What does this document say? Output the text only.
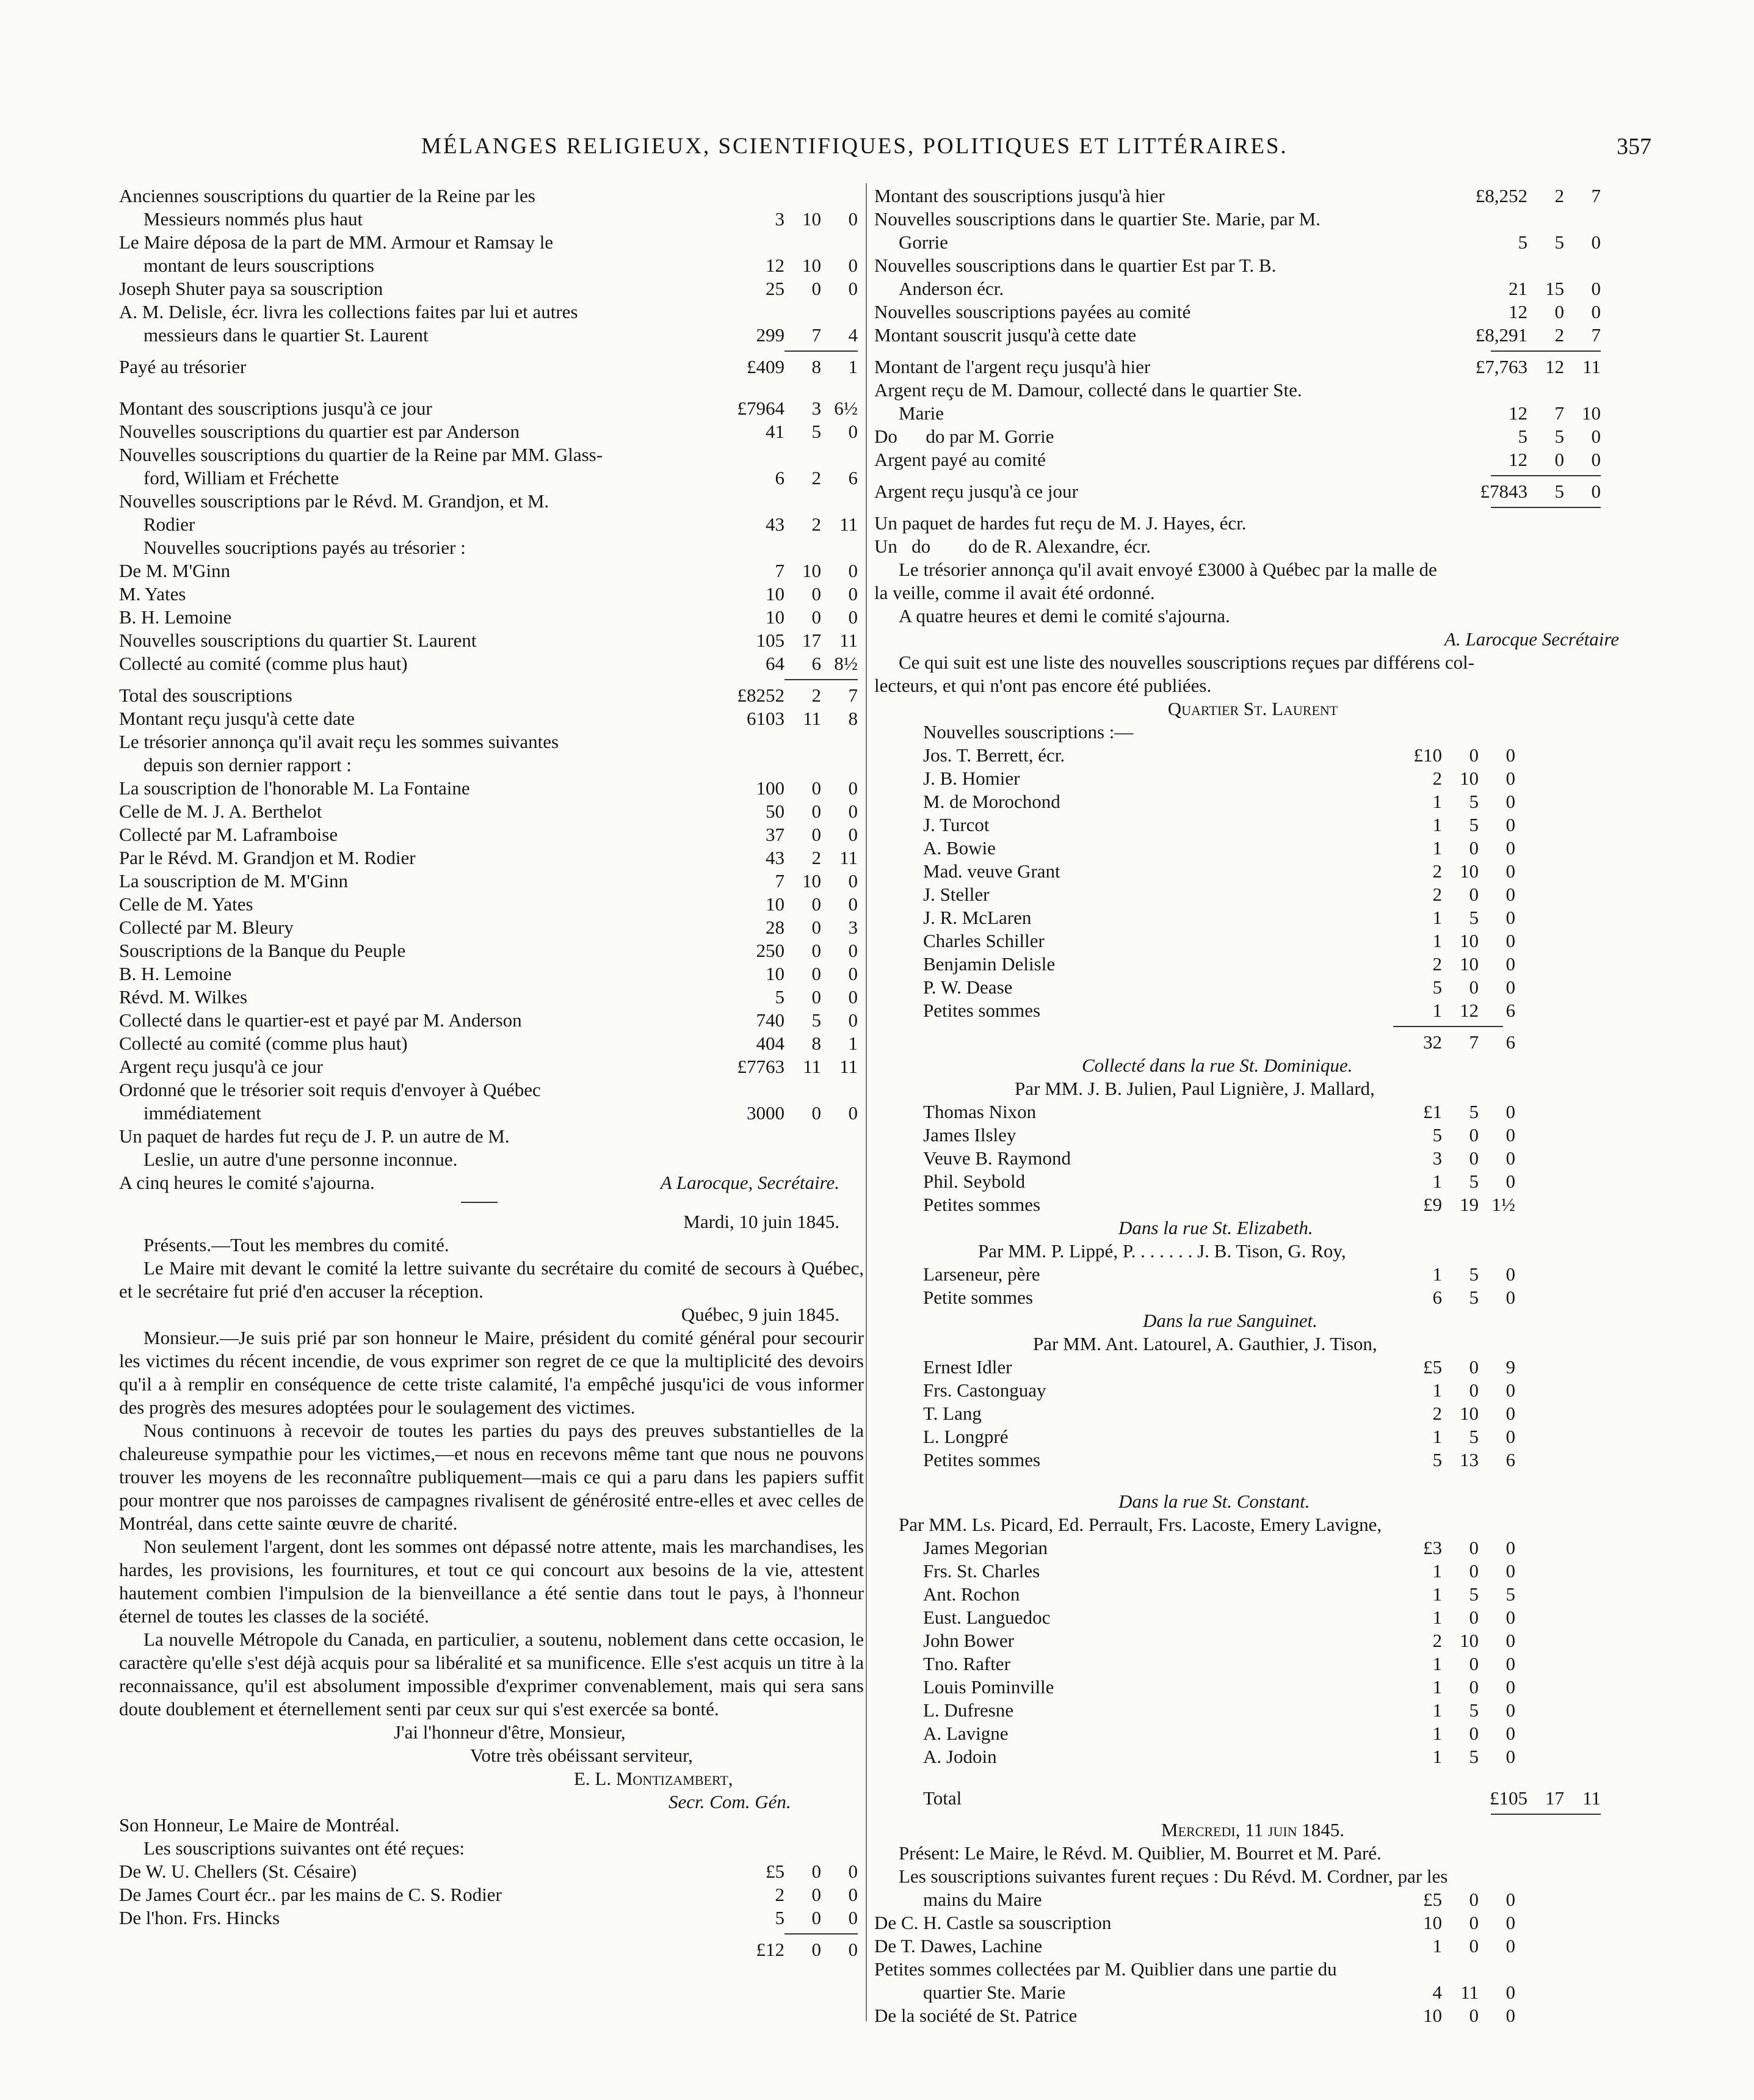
MÉLANGES RELIGIEUX, SCIENTIFIQUES, POLITIQUES ET LITTÉRAIRES.	357
Anciennes souscriptions du quartier de la Reine par les
Messieurs nommés plus haut	3 10	0
Le Maire déposa de la part de MM. Armour et Ramsay le
montant de leurs souscriptions	12 10	0
Joseph Shuter paya sa souscription	25	0	0
A. M. Delisle, écr. livra les collections faites par lui et autres
messieurs dans le quartier St. Laurent	299	7	4
Payé au trésorier	£409	8	1
Montant des souscriptions jusqu'à ce jour	£7964	3 6½
Nouvelles souscriptions du quartier est par Anderson	41	5	0
Nouvelles souscriptions du quartier de la Reine par MM. Glass-
ford, William et Fréchette	6	2	6
Nouvelles souscriptions par le Révd. M. Grandjon, et M.
Rodier	43	2 11
Nouvelles soucriptions payés au trésorier :
De M. M'Ginn	7 10	0
M. Yates	10	0	0
B. H. Lemoine	10	0	0
Nouvelles souscriptions du quartier St. Laurent	105 17 11
Collecté au comité (comme plus haut)	64	6 8½
Total des souscriptions	£8252	2	7
Montant reçu jusqu'à cette date	6103 11	8
Le trésorier annonça qu'il avait reçu les sommes suivantes
depuis son dernier rapport :
La souscription de l'honorable M. La Fontaine	100	0	0
Celle de M. J. A. Berthelot	50	0	0
Collecté par M. Laframboise	37	0	0
Par le Révd. M. Grandjon et M. Rodier	43	2 11
La souscription de M. M'Ginn	7 10	0
Celle de M. Yates	10	0	0
Collecté par M. Bleury	28	0	3
Souscriptions de la Banque du Peuple	250	0	0
B. H. Lemoine	10	0	0
Révd. M. Wilkes	5	0	0
Collecté dans le quartier-est et payé par M. Anderson	740	5	0
Collecté au comité (comme plus haut)	404	8	1
Argent reçu jusqu'à ce jour	£7763 11 11
Ordonné que le trésorier soit requis d'envoyer à Québec
immédiatement	3000	0	0
Un paquet de hardes fut reçu de J. P. un autre de M.
Leslie, un autre d'une personne inconnue.
A cinq heures le comité s'ajourna.	A Larocque, Secrétaire.
Mardi, 10 juin 1845.
Présents.—Tout les membres du comité.

Le Maire mit devant le comité la lettre suivante du secrétaire du comité de secours à Québec, et le secrétaire fut prié d'en accuser la réception.

Québec, 9 juin 1845.

Monsieur.—Je suis prié par son honneur le Maire, président du comité général pour secourir les victimes du récent incendie, de vous exprimer son regret de ce que la multiplicité des devoirs qu'il a à remplir en conséquence de cette triste calamité, l'a empêché jusqu'ici de vous informer des progrès des mesures adoptées pour le soulagement des victimes.

Nous continuons à recevoir de toutes les parties du pays des preuves substantielles de la chaleureuse sympathie pour les victimes,—et nous en recevons même tant que nous ne pouvons trouver les moyens de les reconnaître publiquement—mais ce qui a paru dans les papiers suffit pour montrer que nos paroisses de campagnes rivalisent de générosité entre-elles et avec celles de Montréal, dans cette sainte œuvre de charité.

Non seulement l'argent, dont les sommes ont dépassé notre attente, mais les marchandises, les hardes, les provisions, les fournitures, et tout ce qui concourt aux besoins de la vie, attestent hautement combien l'impulsion de la bienveillance a été sentie dans tout le pays, à l'honneur éternel de toutes les classes de la société.

La nouvelle Métropole du Canada, en particulier, a soutenu, noblement dans cette occasion, le caractère qu'elle s'est déjà acquis pour sa libéralité et sa munificence. Elle s'est acquis un titre à la reconnaissance, qu'il est absolument impossible d'exprimer convenablement, mais qui sera sans doute doublement et éternellement senti par ceux sur qui s'est exercée sa bonté.

J'ai l'honneur d'être, Monsieur,
Votre très obéissant serviteur,
E. L. Montizambert,
Secr. Com. Gén.
Son Honneur, Le Maire de Montréal.
Les souscriptions suivantes ont été reçues:
De W. U. Chellers (St. Césaire)	£5	0	0
De James Court écr.. par les mains de C. S. Rodier	2	0	0
De l'hon. Frs. Hincks	5	0	0
£12	0	0
Montant des souscriptions jusqu'à hier	£8,252	2	7
Nouvelles souscriptions dans le quartier Ste. Marie, par M.
Gorrie	5	5	0
Nouvelles souscriptions dans le quartier Est par T. B.
Anderson écr.	21 15	0
Nouvelles souscriptions payées au comité	12	0	0
Montant souscrit jusqu'à cette date	£8,291	2	7
Montant de l'argent reçu jusqu'à hier	£7,763 12 11
Argent reçu de M. Damour, collecté dans le quartier Ste.
Marie	12	7 10
Do      do par M. Gorrie	5	5	0
Argent payé au comité	12	0	0
Argent reçu jusqu'à ce jour	£7843	5	0
Un paquet de hardes fut reçu de M. J. Hayes, écr.
Un   do        do de R. Alexandre, écr.
Le trésorier annonça qu'il avait envoyé £3000 à Québec par la malle de
la veille, comme il avait été ordonné.
A quatre heures et demi le comité s'ajourna.
A. Larocque Secrétaire
Ce qui suit est une liste des nouvelles souscriptions reçues par différens col-
lecteurs, et qui n'ont pas encore été publiées.
Quartier St. Laurent
Nouvelles souscriptions :—
Jos. T. Berrett, écr.	£10	0	0
J. B. Homier	2 10	0
M. de Morochond	1	5	0
J. Turcot	1	5	0
A. Bowie	1	0	0
Mad. veuve Grant	2 10	0
J. Steller	2	0	0
J. R. McLaren	1	5	0
Charles Schiller	1 10	0
Benjamin Delisle	2 10	0
P. W. Dease	5	0	0
Petites sommes	1 12	6
32	7	6
Collecté dans la rue St. Dominique.
Par MM. J. B. Julien, Paul Lignière, J. Mallard,
Thomas Nixon	£1	5	0
James Ilsley	5	0	0
Veuve B. Raymond	3	0	0
Phil. Seybold	1	5	0
Petites sommes	£9 19 1½
Dans la rue St. Elizabeth.
Par MM. P. Lippé, P. . . . . . . J. B. Tison, G. Roy,
Larseneur, père	1	5	0
Petite sommes	6	5	0
Dans la rue Sanguinet.
Par MM. Ant. Latourel, A. Gauthier, J. Tison,
Ernest Idler	£5	0	9
Frs. Castonguay	1	0	0
T. Lang	2 10	0
L. Longpré	1	5	0
Petites sommes	5 13	6
Dans la rue St. Constant.
Par MM. Ls. Picard, Ed. Perrault, Frs. Lacoste, Emery Lavigne,
James Megorian	£3	0	0
Frs. St. Charles	1	0	0
Ant. Rochon	1	5	5
Eust. Languedoc	1	0	0
John Bower	2 10	0
Tno. Rafter	1	0	0
Louis Pominville	1	0	0
L. Dufresne	1	5	0
A. Lavigne	1	0	0
A. Jodoin	1	5	0
Total	£105 17 11
Mercredi, 11 juin 1845.
Présent: Le Maire, le Révd. M. Quiblier, M. Bourret et M. Paré.
Les souscriptions suivantes furent reçues : Du Révd. M. Cordner, par les
mains du Maire	£5	0	0
De C. H. Castle sa souscription	10	0	0
De T. Dawes, Lachine	1	0	0
Petites sommes collectées par M. Quiblier dans une partie du
quartier Ste. Marie	4 11	0
De la société de St. Patrice	10	0	0
